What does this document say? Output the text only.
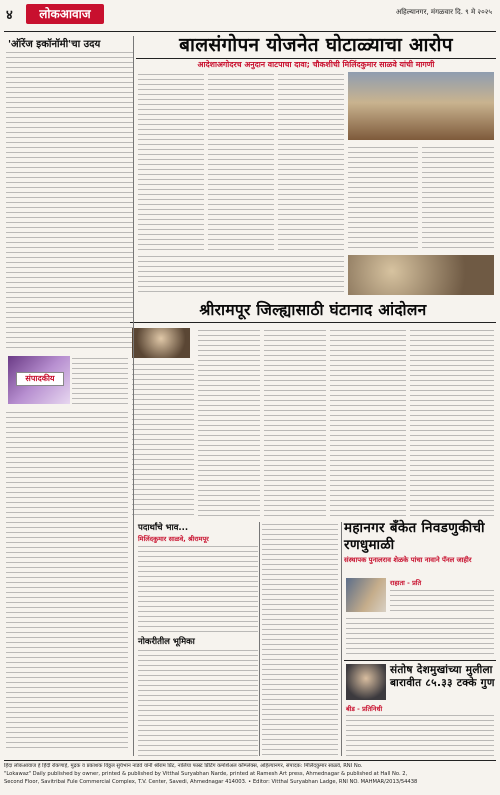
४	लोकआवाज	अहिल्यानगर, मंगळवार दि. ९ मे २०२५
'ऑरेंज इकॉनॉमी'चा उदय	बालसंगोपन योजनेत घोटाळ्याचा आरोप
आदेशाअगोदरच अनुदान वाटपाचा दावा; चौकशीची मिलिंदकुमार साळवे यांची मागणी
श्रीरामपूर जिल्ह्यासाठी घंटानाद आंदोलन
संपादकीय
पदार्थांचे भाव...
मिलिंदकुमार साळवे, श्रीरामपूर
नोकरीतील भूमिका
महानगर बँकेत निवडणुकीची रणधुमाळी
संस्थापक पुनालराव शेळके पांचा नावाने पॅनल जाहीर
राहाता - प्रति
संतोष देशमुखांच्या मुलीला बारावीत ८५.३३ टक्के गुण
बीड - प्रतिनिधी
हिंदा लोकआवाज हे हिंदी रोकणाहे, मुद्रक व प्रकाशक विठ्ठल सुर्यभान नाडवे यांनी श्रीराम प्रिंट, नालिया फास्ट प्रिंटिंग कमर्शिअल कॉम्प्लेक्स, अहिल्यानगर, संपादक: मिलिंदकुमार साळवे, RNI No.
"Lokawaz" Daily published by owner, printed & published by Vitthal Suryabhan Narde, printed at Ramesh Art press, Ahmednagar & published at Hall No. 2,
Second Floor, Savitribai Fule Commercial Complex, T.V. Center, Savedi, Ahmednagar 414003. • Editor: Vitthal Suryabhan Ladge, RNI NO. MAHMAR/2013/54438
